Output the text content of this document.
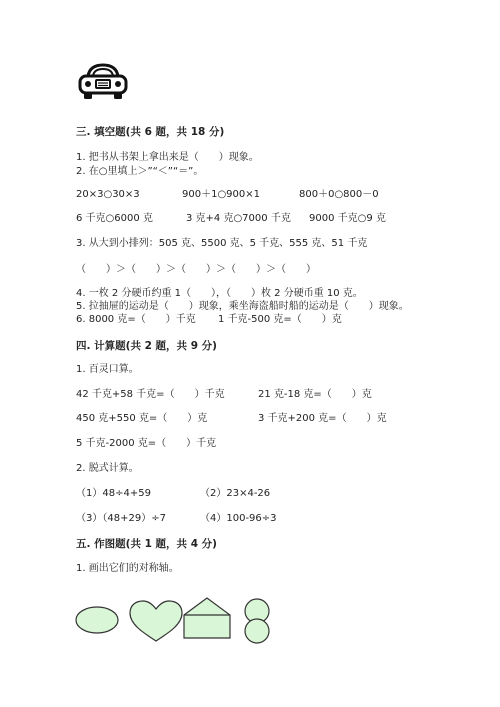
三. 填空题(共 6 题，共 18 分)
1. 把书从书架上拿出来是（　　）现象。
2. 在○里填上＞”“＜”“＝”。
20×3○30×3	900＋1○900×1	800＋0○800－0
6 千克○6000 克	3 克+4 克○7000 千克 9000 千克○9 克
3. 从大到小排列：505 克、5500 克、5 千克、555 克、51 千克
（　　）＞（　　）＞（　　）＞（　　）＞（　　）
4. 一枚 2 分硬币约重 1（　　），（　　）枚 2 分硬币重 10 克。
5. 拉抽屉的运动是（　　）现象，乘坐海盗船时船的运动是（　　）现象。
6. 8000 克=（　　）千克 1 千克-500 克=（　　）克
四. 计算题(共 2 题，共 9 分)
1. 百灵口算。
42 千克+58 千克=（　　）千克	21 克-18 克=（　　）克
450 克+550 克=（　　）克	3 千克+200 克=（　　）克
5 千克-2000 克=（　　）千克
2. 脱式计算。
（1）48÷4+59	（2）23×4-26
（3）（48+29）÷7	（4）100-96÷3
五. 作图题(共 1 题，共 4 分)
1. 画出它们的对称轴。
